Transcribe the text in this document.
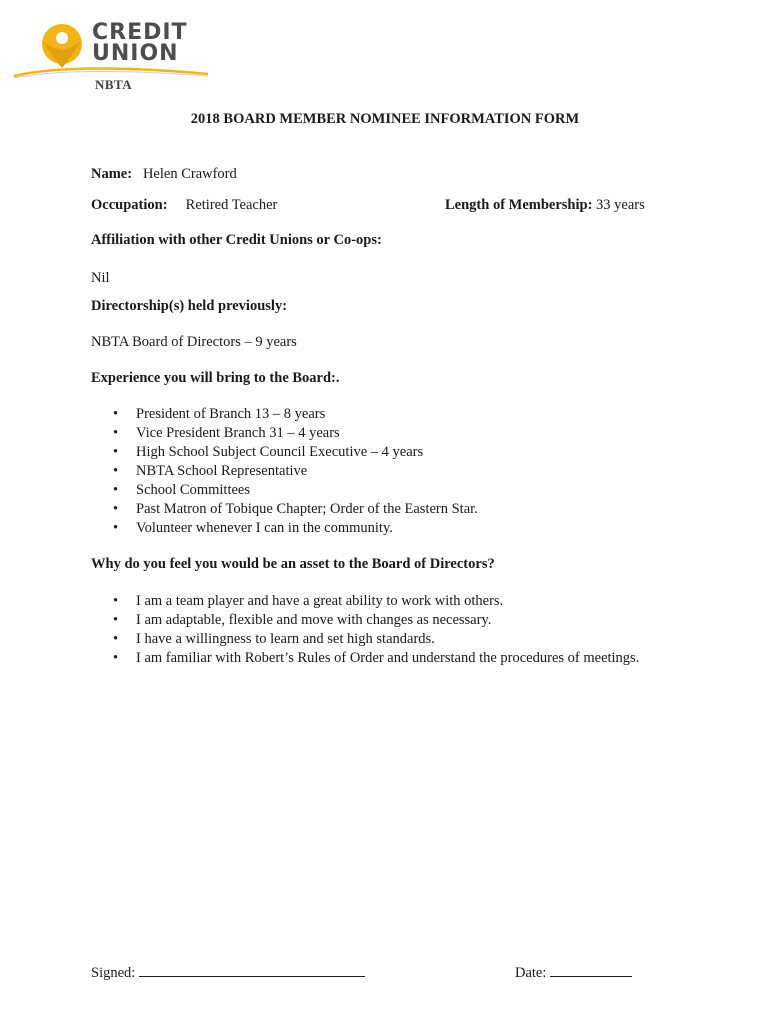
CREDIT
UNION
NBTA
2018 BOARD MEMBER NOMINEE INFORMATION FORM
Name: Helen Crawford
Occupation: Retired Teacher	Length of Membership: 33 years
Affiliation with other Credit Unions or Co-ops:
Nil
Directorship(s) held previously:
NBTA Board of Directors – 9 years
Experience you will bring to the Board:.
• President of Branch 13 – 8 years
• Vice President Branch 31 – 4 years
• High School Subject Council Executive – 4 years
• NBTA School Representative
• School Committees
• Past Matron of Tobique Chapter; Order of the Eastern Star.
• Volunteer whenever I can in the community.
Why do you feel you would be an asset to the Board of Directors?
• I am a team player and have a great ability to work with others.
• I am adaptable, flexible and move with changes as necessary.
• I have a willingness to learn and set high standards.
• I am familiar with Robert’s Rules of Order and understand the procedures of meetings.
Signed:	Date:
